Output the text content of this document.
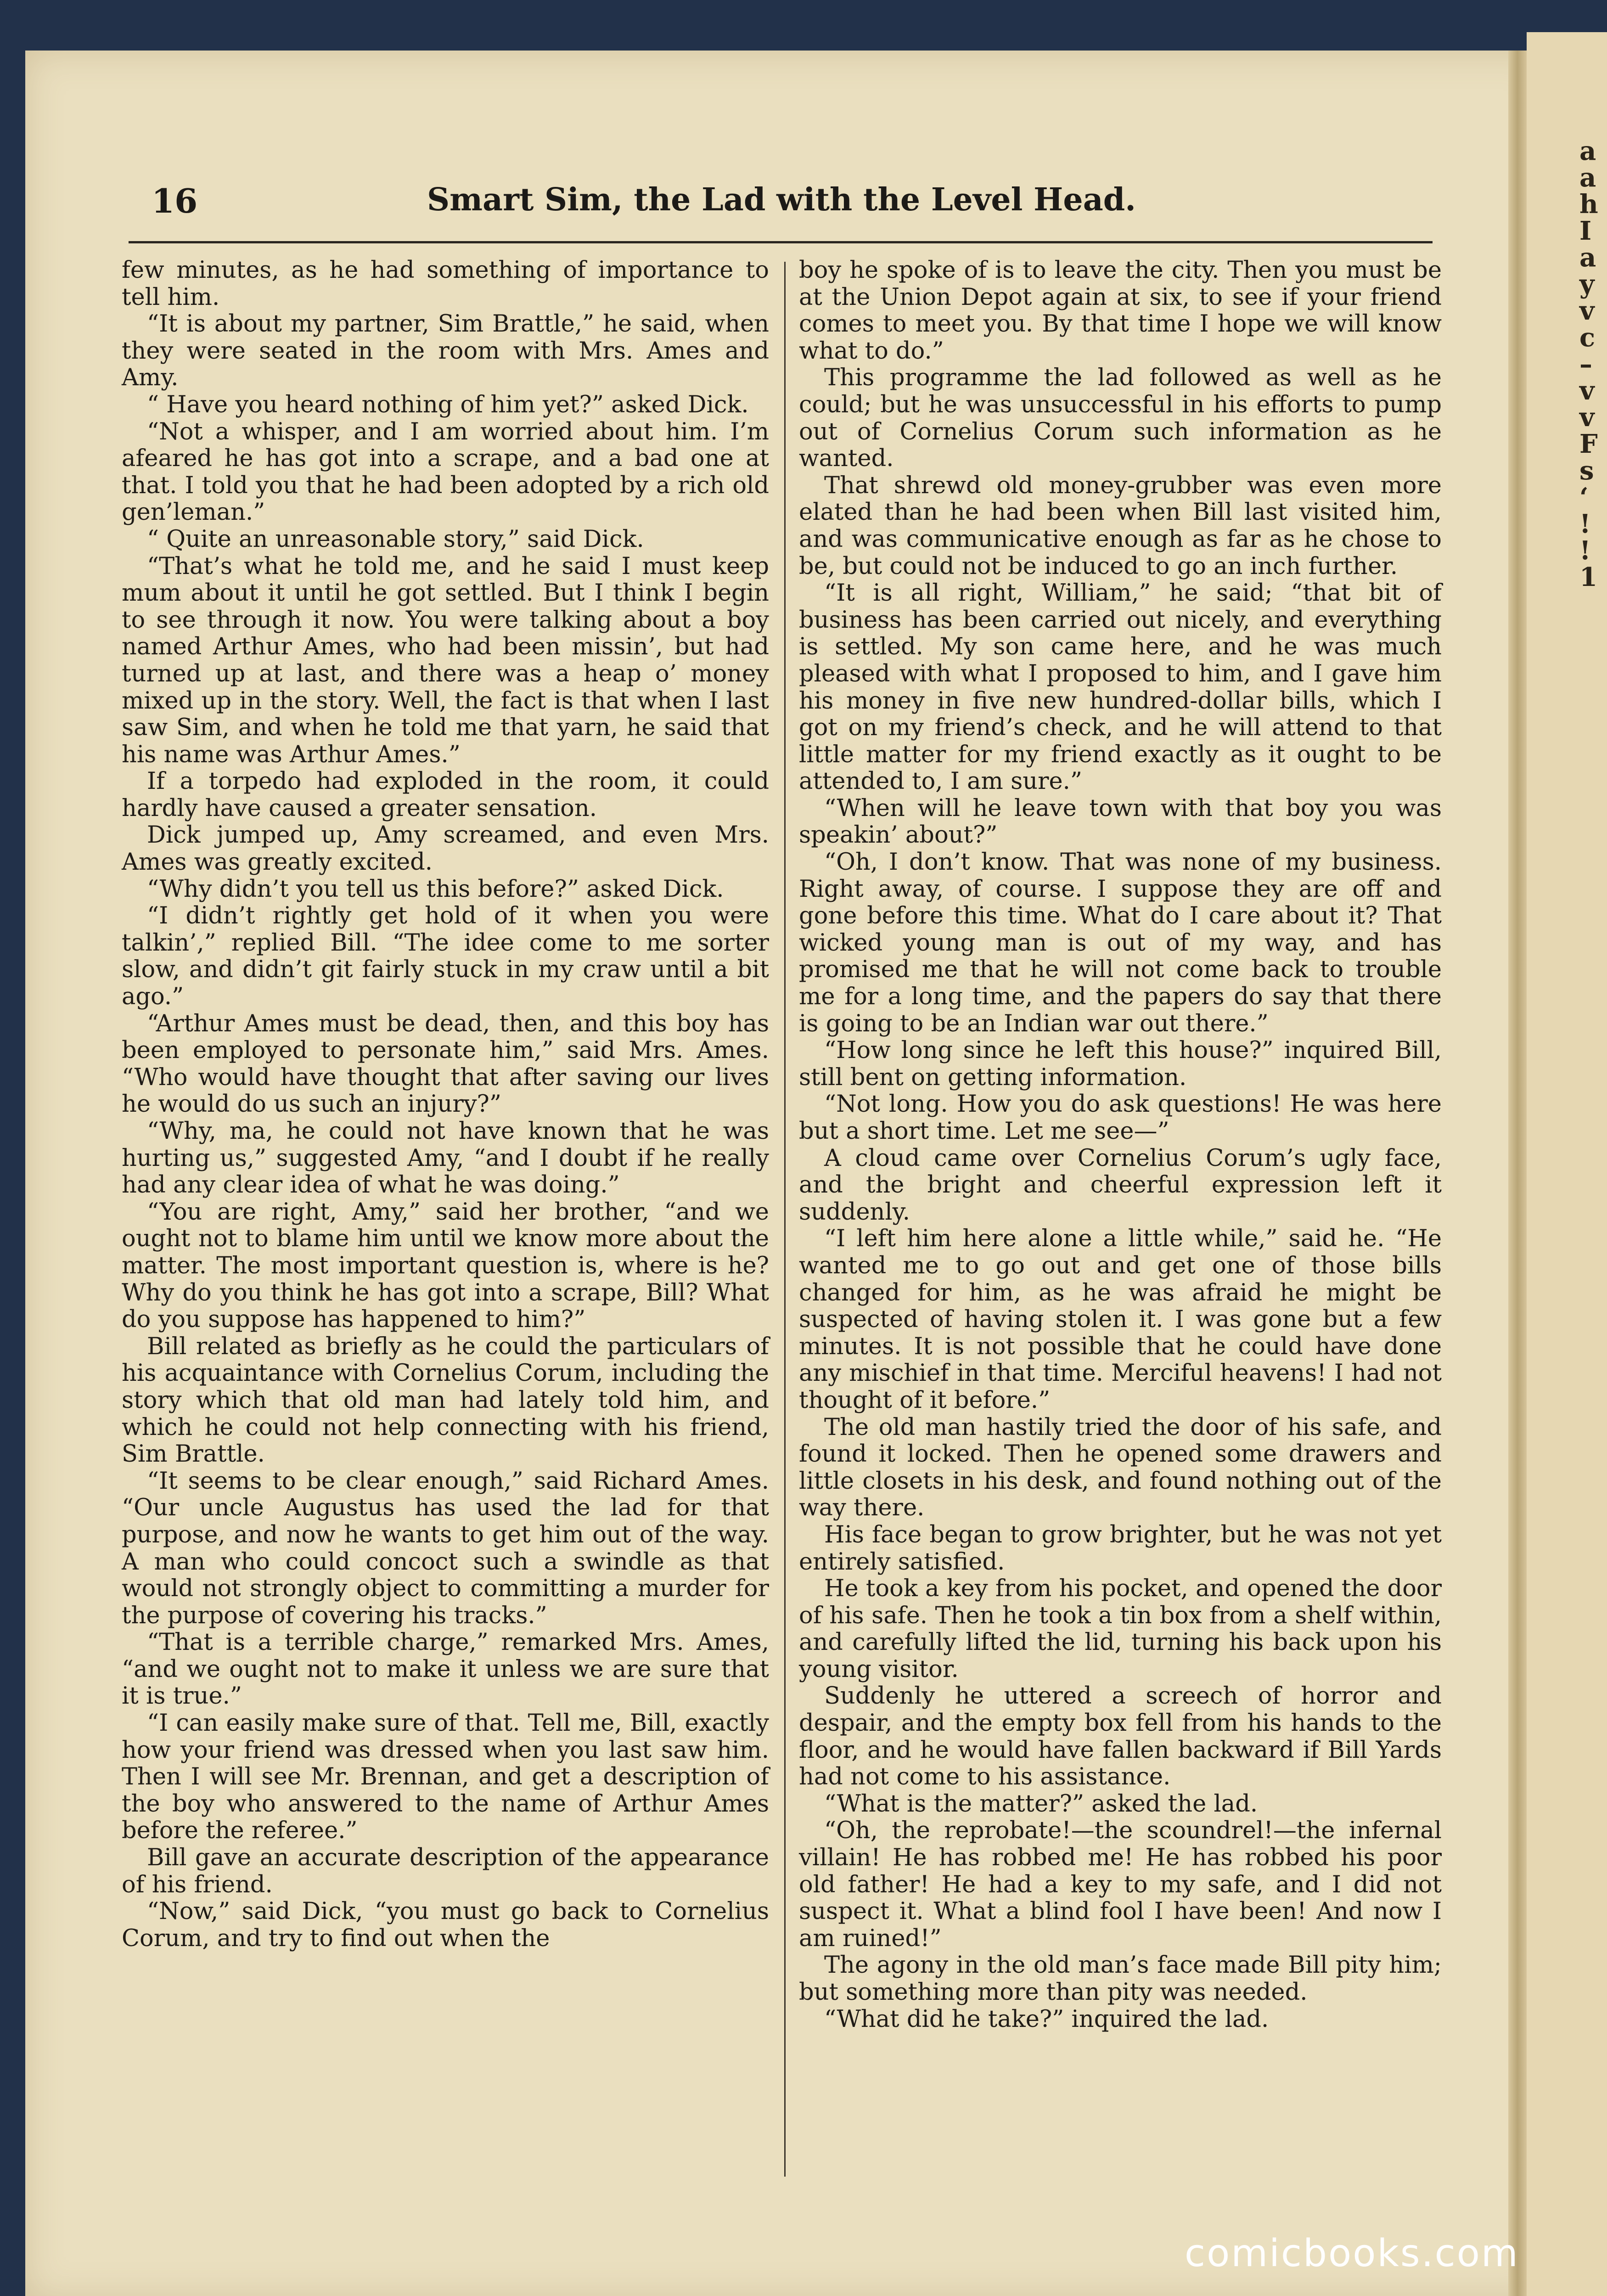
a a h I a y v c – v v F s ‘ ! ! 1
16	Smart Sim, the Lad with the Level Head.

few minutes, as he had something of importance to tell him.

“It is about my partner, Sim Brattle,” he said, when they were seated in the room with Mrs. Ames and Amy.

“ Have you heard nothing of him yet?” asked Dick.

“Not a whisper, and I am worried about him. I’m afeared he has got into a scrape, and a bad one at that. I told you that he had been adopted by a rich old gen’leman.”

“ Quite an unreasonable story,” said Dick.

“That’s what he told me, and he said I must keep mum about it until he got settled. But I think I begin to see through it now. You were talking about a boy named Arthur Ames, who had been missin’, but had turned up at last, and there was a heap o’ money mixed up in the story. Well, the fact is that when I last saw Sim, and when he told me that yarn, he said that his name was Arthur Ames.”

If a torpedo had exploded in the room, it could hardly have caused a greater sensation.

Dick jumped up, Amy screamed, and even Mrs. Ames was greatly excited.

“Why didn’t you tell us this before?” asked Dick.

“I didn’t rightly get hold of it when you were talkin’,” replied Bill. “The idee come to me sorter slow, and didn’t git fairly stuck in my craw until a bit ago.”

“Arthur Ames must be dead, then, and this boy has been employed to personate him,” said Mrs. Ames. “Who would have thought that after saving our lives he would do us such an injury?”

“Why, ma, he could not have known that he was hurting us,” suggested Amy, “and I doubt if he really had any clear idea of what he was doing.”

“You are right, Amy,” said her brother, “and we ought not to blame him until we know more about the matter. The most important question is, where is he? Why do you think he has got into a scrape, Bill? What do you suppose has happened to him?”

Bill related as briefly as he could the particulars of his acquaintance with Cornelius Corum, including the story which that old man had lately told him, and which he could not help connecting with his friend, Sim Brattle.

“It seems to be clear enough,” said Richard Ames. “Our uncle Augustus has used the lad for that purpose, and now he wants to get him out of the way. A man who could concoct such a swindle as that would not strongly object to committing a murder for the purpose of covering his tracks.”

“That is a terrible charge,” remarked Mrs. Ames, “and we ought not to make it unless we are sure that it is true.”

“I can easily make sure of that. Tell me, Bill, exactly how your friend was dressed when you last saw him. Then I will see Mr. Brennan, and get a description of the boy who answered to the name of Arthur Ames before the referee.”

Bill gave an accurate description of the appearance of his friend.

“Now,” said Dick, “you must go back to Cornelius Corum, and try to find out when the

boy he spoke of is to leave the city. Then you must be at the Union Depot again at six, to see if your friend comes to meet you. By that time I hope we will know what to do.”

This programme the lad followed as well as he could; but he was unsuccessful in his efforts to pump out of Cornelius Corum such information as he wanted.

That shrewd old money-grubber was even more elated than he had been when Bill last visited him, and was communicative enough as far as he chose to be, but could not be induced to go an inch further.

“It is all right, William,” he said; “that bit of business has been carried out nicely, and everything is settled. My son came here, and he was much pleased with what I proposed to him, and I gave him his money in five new hundred-dollar bills, which I got on my friend’s check, and he will attend to that little matter for my friend exactly as it ought to be attended to, I am sure.”

“When will he leave town with that boy you was speakin’ about?”

“Oh, I don’t know. That was none of my business. Right away, of course. I suppose they are off and gone before this time. What do I care about it? That wicked young man is out of my way, and has promised me that he will not come back to trouble me for a long time, and the papers do say that there is going to be an Indian war out there.”

“How long since he left this house?” inquired Bill, still bent on getting information.

“Not long. How you do ask questions! He was here but a short time. Let me see—”

A cloud came over Cornelius Corum’s ugly face, and the bright and cheerful expression left it suddenly.

“I left him here alone a little while,” said he. “He wanted me to go out and get one of those bills changed for him, as he was afraid he might be suspected of having stolen it. I was gone but a few minutes. It is not possible that he could have done any mischief in that time. Merciful heavens! I had not thought of it before.”

The old man hastily tried the door of his safe, and found it locked. Then he opened some drawers and little closets in his desk, and found nothing out of the way there.

His face began to grow brighter, but he was not yet entirely satisfied.

He took a key from his pocket, and opened the door of his safe. Then he took a tin box from a shelf within, and carefully lifted the lid, turning his back upon his young visitor.

Suddenly he uttered a screech of horror and despair, and the empty box fell from his hands to the floor, and he would have fallen backward if Bill Yards had not come to his assistance.

“What is the matter?” asked the lad.

“Oh, the reprobate!—the scoundrel!—the infernal villain! He has robbed me! He has robbed his poor old father! He had a key to my safe, and I did not suspect it. What a blind fool I have been! And now I am ruined!”

The agony in the old man’s face made Bill pity him; but something more than pity was needed.

“What did he take?” inquired the lad.

comicbooks.com
